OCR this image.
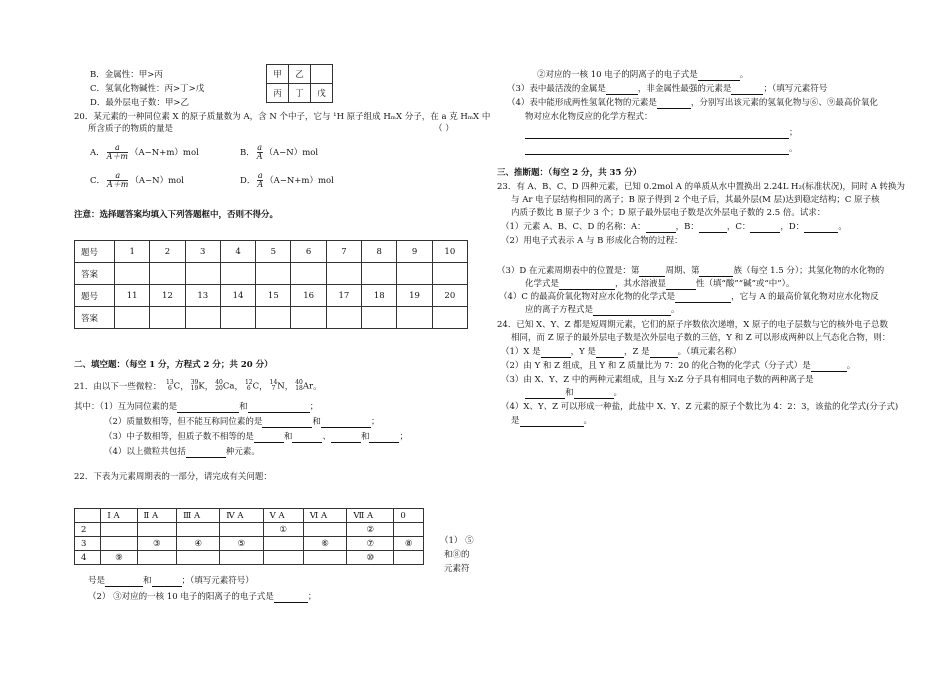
B．金属性：甲>丙
C．氢氧化物碱性：丙>丁>戊
D．最外层电子数：甲>乙
甲	乙	
丙	丁	戊
20．某元素的一种同位素 X 的原子质量数为 A，含 N 个中子，它与 ¹H 原子组成 HₘX 分子，在 a 克 HₘX 中
所含质子的物质的量是	（ ）
A． $\frac{a}{A+m} (A-N+m)mol$	B． $\frac{a}{A} (A-N)mol$
C． $\frac{a}{A+m} (A-N)mol$	D． $\frac{a}{A} (A-N+m)mol$
注意：选择题答案均填入下列答题框中，否则不得分。
题号	1	2	3	4	5	6	7	8	9	10
答案										
题号	11	12	13	14	15	16	17	18	19	20
答案										
二、填空题：（每空 1 分，方程式 2 分；共 20 分）
21．由以下一些微粒： 13
6 C， 39
19 K， 40
20 Ca， 12
6 C， 14
7 N， 40
18 Ar。
其中：（1）互为同位素的是	和	；
（2）质量数相等，但不能互称同位素的是	和	；
（3）中子数相等，但质子数不相等的是	和	、	和	；
（4）以上微粒共包括	种元素。
22．下表为元素周期表的一部分，请完成有关问题：
	Ⅰ A	Ⅱ A	Ⅲ A	Ⅳ A	Ⅴ A	Ⅵ A	Ⅶ A	0
2					①		②	
3		③	④	⑤		⑥	⑦	⑧
4	⑨						⑩	
（1） ⑤
和⑧的
元素符
号是	和	；（填写元素符号）
（2） ③对应的一核 10 电子的阳离子的电子式是	；
②对应的一核 10 电子的阴离子的电子式是	。
（3）表中最活泼的金属是	，非金属性最强的元素是	；（填写元素符号
（4）表中能形成两性氢氧化物的元素是	，分别写出该元素的氢氧化物与⑥、⑨最高价氧化
物对应水化物反应的化学方程式：
；
。
三、推断题：（每空 2 分，共 35 分）
23．有 A、B、C、D 四种元素，已知 0.2mol A 的单质从水中置换出 2.24L H₂(标准状况)，同时 A 转换为
与 Ar 电子层结构相同的离子；B 原子得到 2 个电子后，其最外层(M 层)达到稳定结构；C 原子核
内质子数比 B 原子少 3 个；D 原子最外层电子数是次外层电子数的 2.5 倍。试求：
（1）元素 A、B、C、D 的名称：A：	，B：	，C：	，D：	。
（2）用电子式表示 A 与 B 形成化合物的过程：
（3）D 在元素周期表中的位置是：第	周期、第	族（每空 1.5 分）；其氢化物的水化物的
化学式是	，其水溶液显	性（填“酸”“碱”或“中”）。
（4）C 的最高价氧化物对应水化物的化学式是	，它与 A 的最高价氧化物对应水化物反
应的离子方程式是	。
24．已知 X、Y、Z 都是短周期元素，它们的原子序数依次递增，X 原子的电子层数与它的核外电子总数
相同，而 Z 原子的最外层电子数是次外层电子数的三倍，Y 和 Z 可以形成两种以上气态化合物，则：
（1）X 是	，Y 是	，Z 是	。（填元素名称）
（2）由 Y 和 Z 组成，且 Y 和 Z 质量比为 7：20 的化合物的化学式（分子式）是	。
（3）由 X、Y、Z 中的两种元素组成，且与 X₂Z 分子具有相同电子数的两种离子是
和	。
（4）X、Y、Z 可以形成一种盐，此盐中 X、Y、Z 元素的原子个数比为 4：2：3，该盐的化学式(分子式)
是	。
